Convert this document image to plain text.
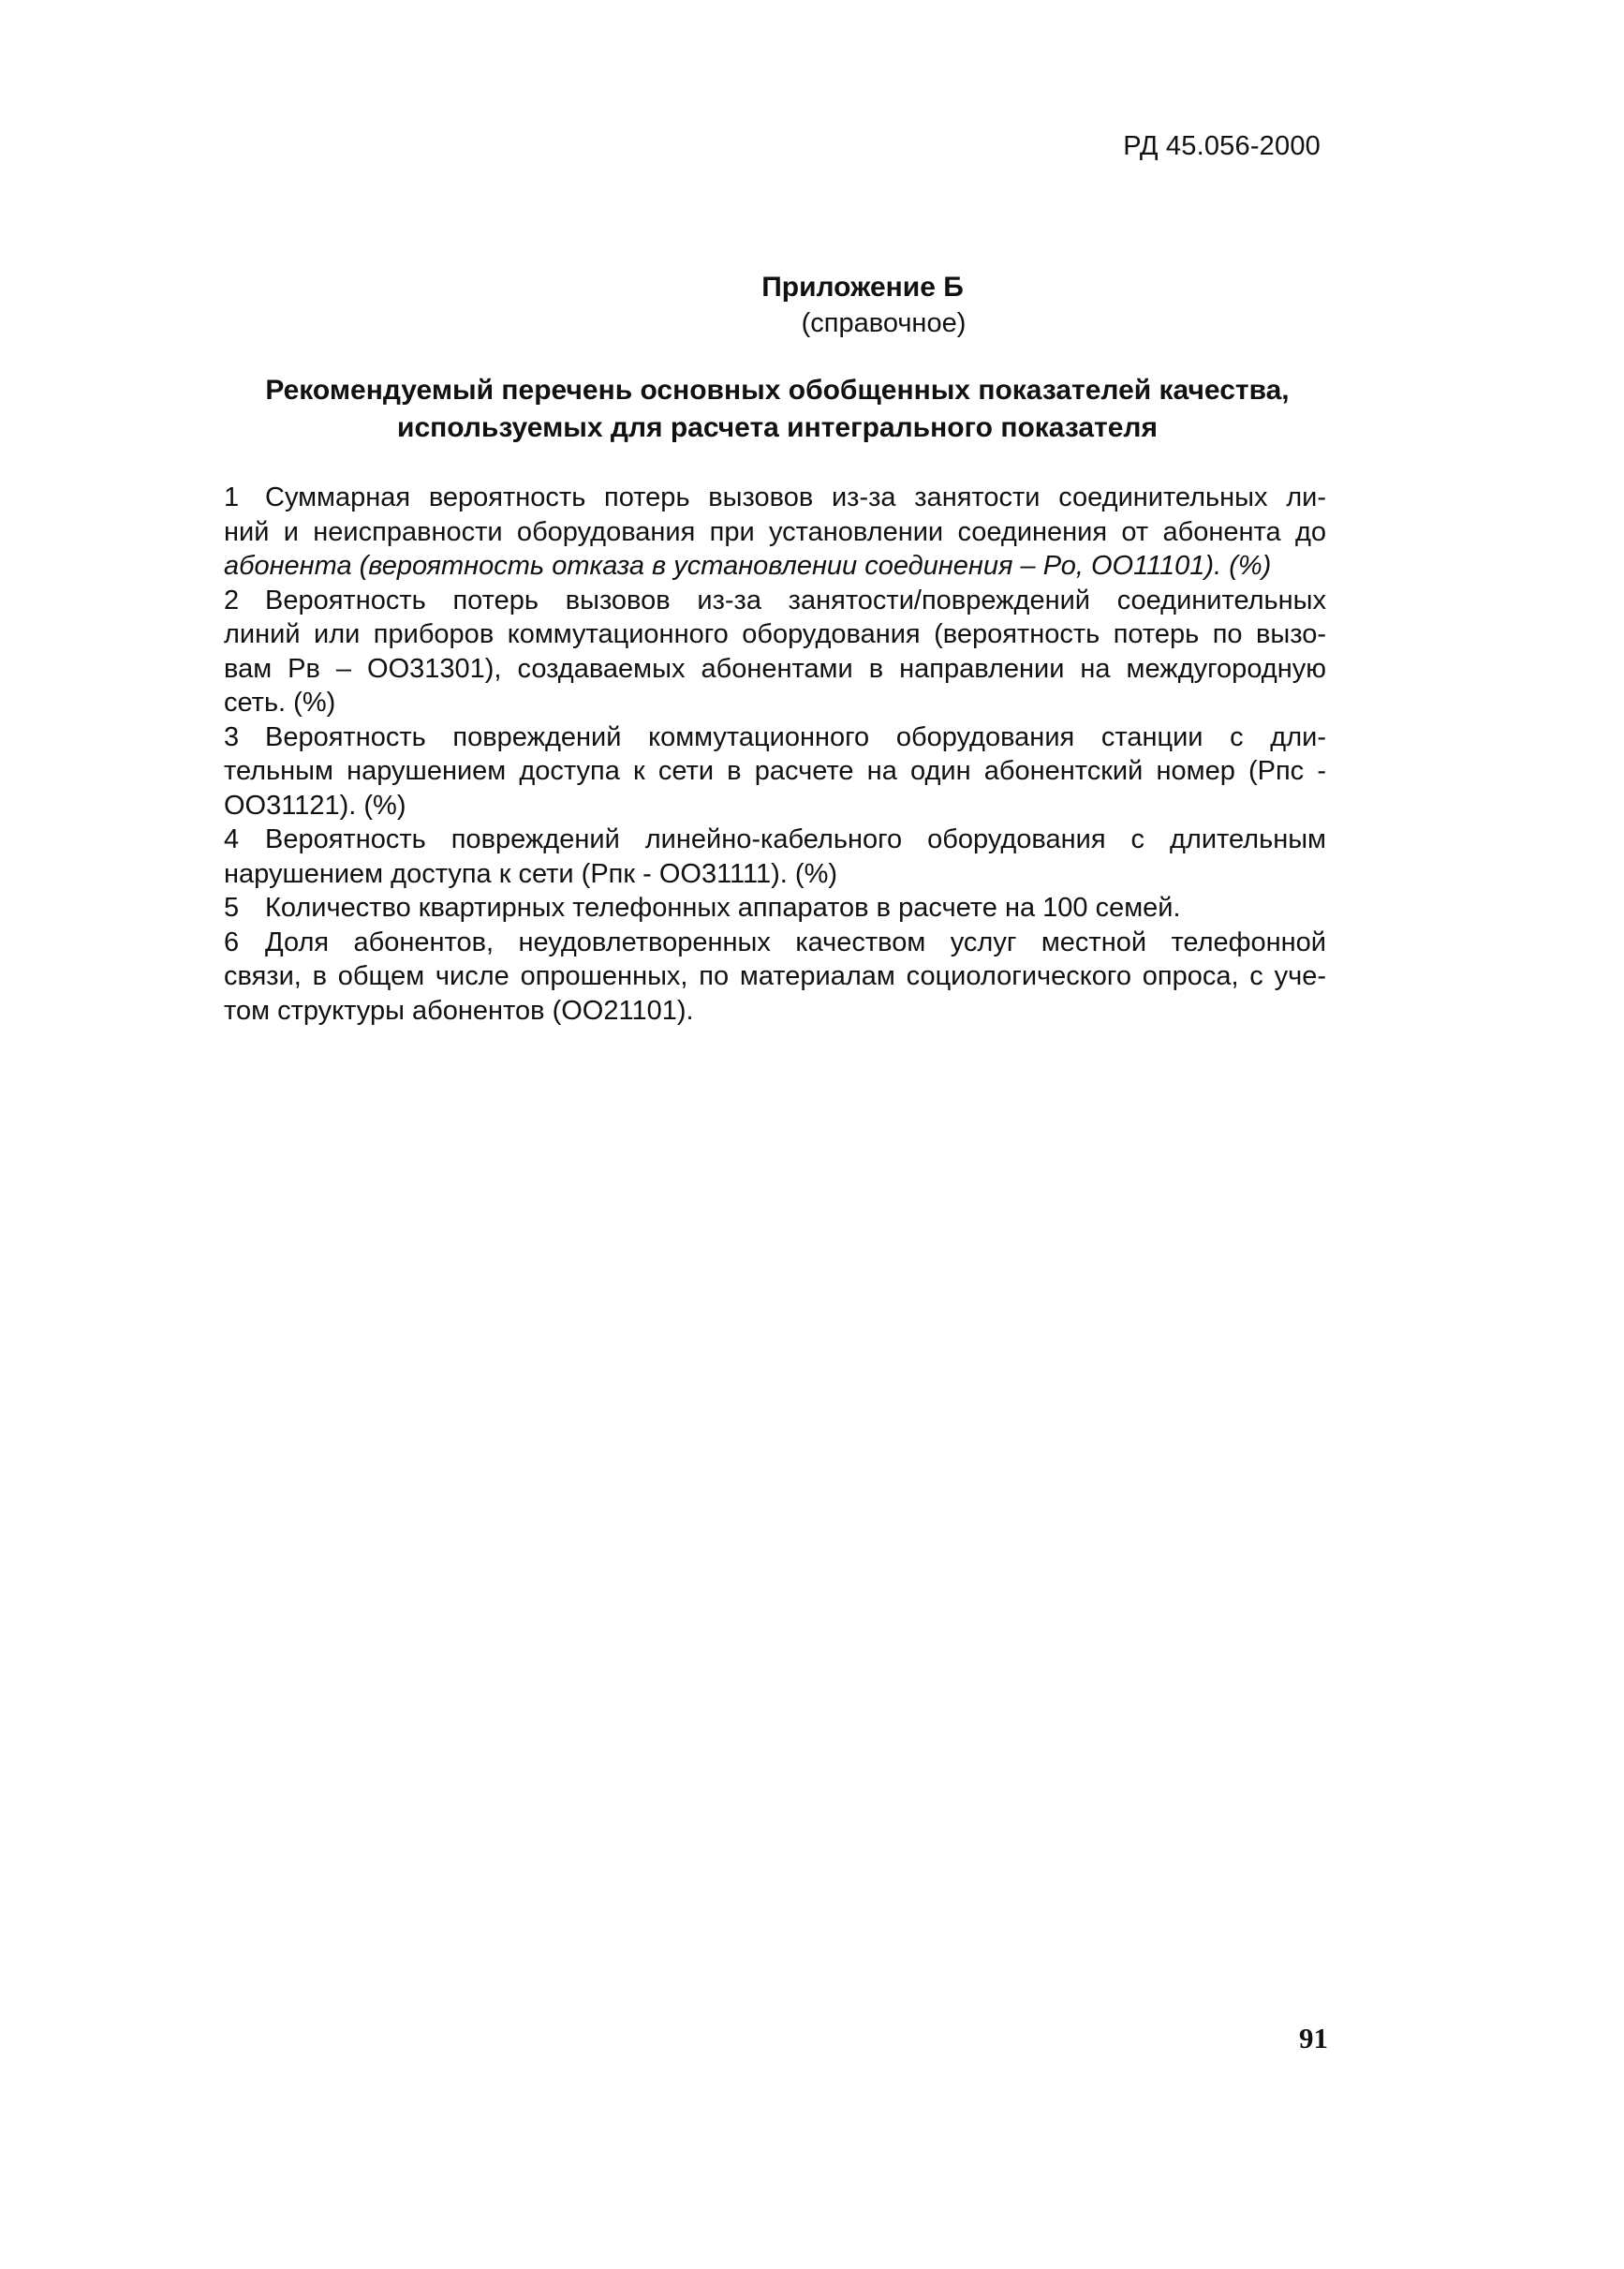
РД 45.056-2000
Приложение Б
(справочное)
Рекомендуемый перечень основных обобщенных показателей качества,
используемых для расчета интегрального показателя
1 Суммарная вероятность потерь вызовов из-за занятости соединительных ли-
ний и неисправности оборудования при установлении соединения от абонента до
абонента (вероятность отказа в установлении соединения – Ро, ОО11101). (%)
2 Вероятность потерь вызовов из-за занятости/повреждений соединительных
линий или приборов коммутационного оборудования (вероятность потерь по вызо-
вам Рв – ОО31301), создаваемых абонентами в направлении на междугородную
сеть. (%)
3 Вероятность повреждений коммутационного оборудования станции с дли-
тельным нарушением доступа к сети в расчете на один абонентский номер (Рпс -
ОО31121). (%)
4 Вероятность повреждений линейно-кабельного оборудования с длительным
нарушением доступа к сети (Рпк - ОО31111). (%)
5 Количество квартирных телефонных аппаратов в расчете на 100 семей.
6 Доля абонентов, неудовлетворенных качеством услуг местной телефонной
связи, в общем числе опрошенных, по материалам социологического опроса, с уче-
том структуры абонентов (ОО21101).
91
